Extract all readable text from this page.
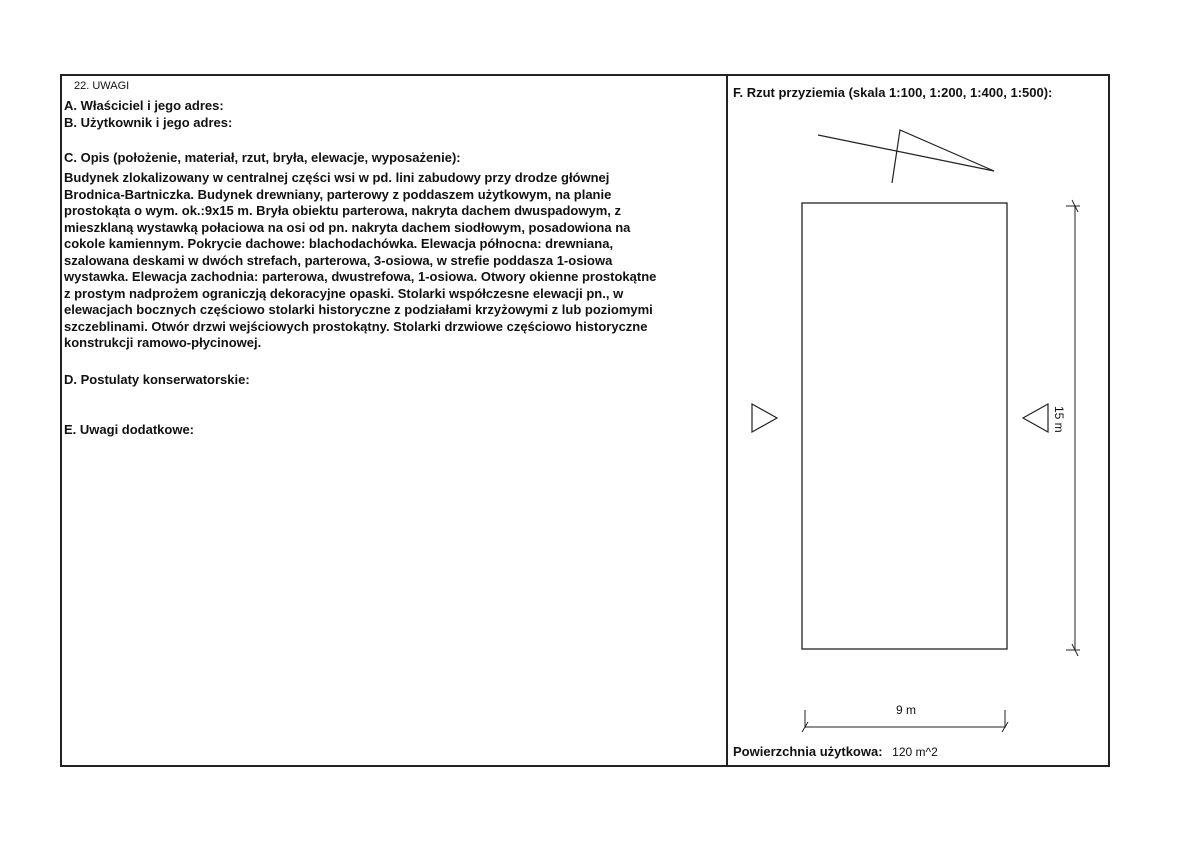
22. UWAGI
A. Właściciel i jego adres:
B. Użytkownik i jego adres:
C. Opis (położenie, materiał, rzut, bryła, elewacje, wyposażenie):
Budynek zlokalizowany w centralnej części wsi w pd. lini zabudowy przy drodze głównej
Brodnica-Bartniczka. Budynek drewniany, parterowy z poddaszem użytkowym, na planie
prostokąta o wym. ok.:9x15 m. Bryła obiektu parterowa, nakryta dachem dwuspadowym, z
mieszklaną wystawką połaciowa na osi od pn. nakryta dachem siodłowym, posadowiona na
cokole kamiennym. Pokrycie dachowe: blachodachówka. Elewacja północna: drewniana,
szalowana deskami w dwóch strefach, parterowa, 3-osiowa, w strefie poddasza 1-osiowa
wystawka. Elewacja zachodnia: parterowa, dwustrefowa, 1-osiowa. Otwory okienne prostokątne
z prostym nadprożem ograniczją dekoracyjne opaski. Stolarki współczesne elewacji pn., w
elewacjach bocznych częściowo stolarki historyczne z podziałami krzyżowymi z lub poziomymi
szczeblinami. Otwór drzwi wejściowych prostokątny. Stolarki drzwiowe częściowo historyczne
konstrukcji ramowo-płycinowej.
D. Postulaty konserwatorskie:
E. Uwagi dodatkowe:
F. Rzut przyziemia (skala 1:100, 1:200, 1:400, 1:500):
15 m
9 m
Powierzchnia użytkowa: 120 m^2
